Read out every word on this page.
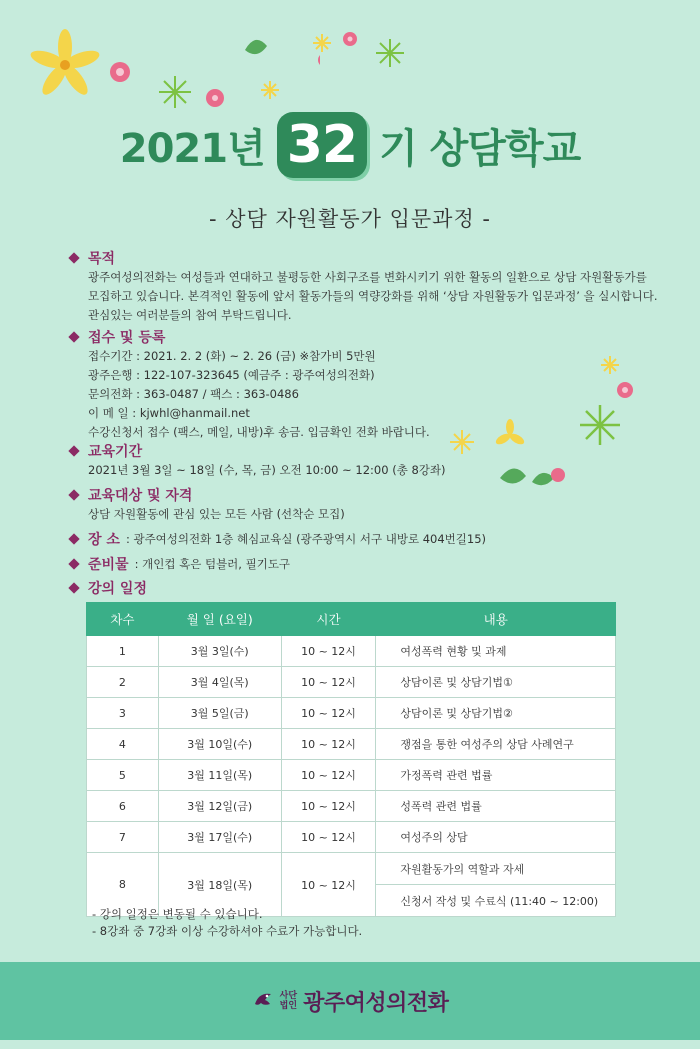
2021년 32 기 상담학교
- 상담 자원활동가 입문과정 -
목적
광주여성의전화는 여성들과 연대하고 불평등한 사회구조를 변화시키기 위한 활동의 일환으로 상담 자원활동가를
모집하고 있습니다. 본격적인 활동에 앞서 활동가들의 역량강화를 위해 ‘상담 자원활동가 입문과정’ 을 실시합니다.
관심있는 여러분들의 참여 부탁드립니다.
접수 및 등록
접수기간 : 2021. 2. 2 (화) ~ 2. 26 (금) ※참가비 5만원
광주은행 : 122-107-323645 (예금주 : 광주여성의전화)
문의전화 : 363-0487 / 팩스 : 363-0486
이 메 일 : kjwhl@hanmail.net
수강신청서 접수 (팩스, 메일, 내방)후 송금. 입금확인 전화 바랍니다.
교육기간
2021년 3월 3일 ~ 18일 (수, 목, 금) 오전 10:00 ~ 12:00 (총 8강좌)
교육대상 및 자격
상담 자원활동에 관심 있는 모든 사람 (선착순 모집)
장 소 : 광주여성의전화 1층 혜심교육실 (광주광역시 서구 내방로 404번길15)
준비물 : 개인컵 혹은 텀블러, 필기도구
강의 일정
차수	월 일 (요일)	시간	내용
1	3월 3일(수)	10 ~ 12시	여성폭력 현황 및 과제
2	3월 4일(목)	10 ~ 12시	상담이론 및 상담기법①
3	3월 5일(금)	10 ~ 12시	상담이론 및 상담기법②
4	3월 10일(수)	10 ~ 12시	쟁점을 통한 여성주의 상담 사례연구
5	3월 11일(목)	10 ~ 12시	가정폭력 관련 법률
6	3월 12일(금)	10 ~ 12시	성폭력 관련 법률
7	3월 17일(수)	10 ~ 12시	여성주의 상담
8	3월 18일(목)	10 ~ 12시	자원활동가의 역할과 자세
			신청서 작성 및 수료식 (11:40 ~ 12:00)
- 강의 일정은 변동될 수 있습니다.
- 8강좌 중 7강좌 이상 수강하셔야 수료가 가능합니다.
사단
법인 광주여성의전화
